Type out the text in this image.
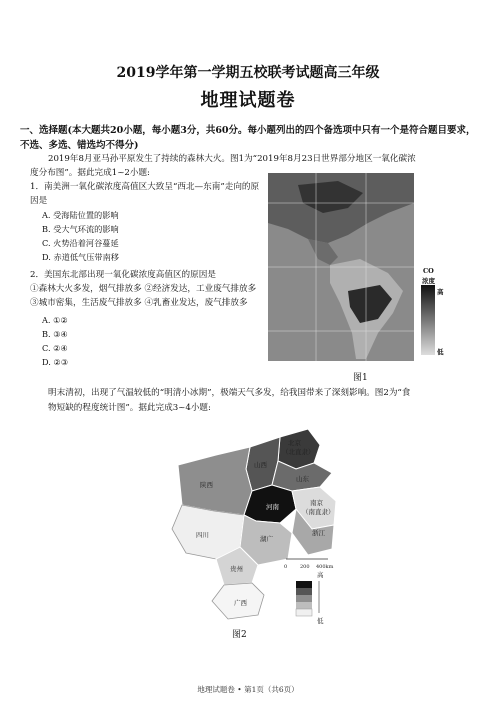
2019学年第一学期五校联考试题高三年级
地理试题卷
一、选择题(本大题共20小题，每小题3分，共60分。每小题列出的四个备选项中只有一个是符合题目要求，不选、多选、错选均不得分)
2019年8月亚马孙平原发生了持续的森林大火。图1为“2019年8月23日世界部分地区一氧化碳浓
度分布图”。据此完成1~2小题:
1．南美洲一氧化碳浓度高值区大致呈“西北—东南”走向的原因是
A. 受海陆位置的影响
B. 受大气环流的影响
C. 火势沿着河谷蔓延
D. 赤道低气压带南移
2．美国东北部出现一氧化碳浓度高值区的原因是
①森林大火多发，烟气排放多 ②经济发达，工业废气排放多
③城市密集，生活废气排放多 ④乳畜业发达，废气排放多
A. ①②
B. ③④
C. ②④
D. ②③
CO
浓度
高
低
图1
明末清初，出现了气温较低的“明清小冰期”，极端天气多发，给我国带来了深刻影响。图2为“食
物短缺的程度统计图”。据此完成3~4小题:
北京 （北直隶）
山西
山东
陕西
河南	南京 （南直隶）
四川	湖广
浙江
贵州
广西
0	200 400km
高
低
图2
地理试题卷 • 第1页（共6页）
